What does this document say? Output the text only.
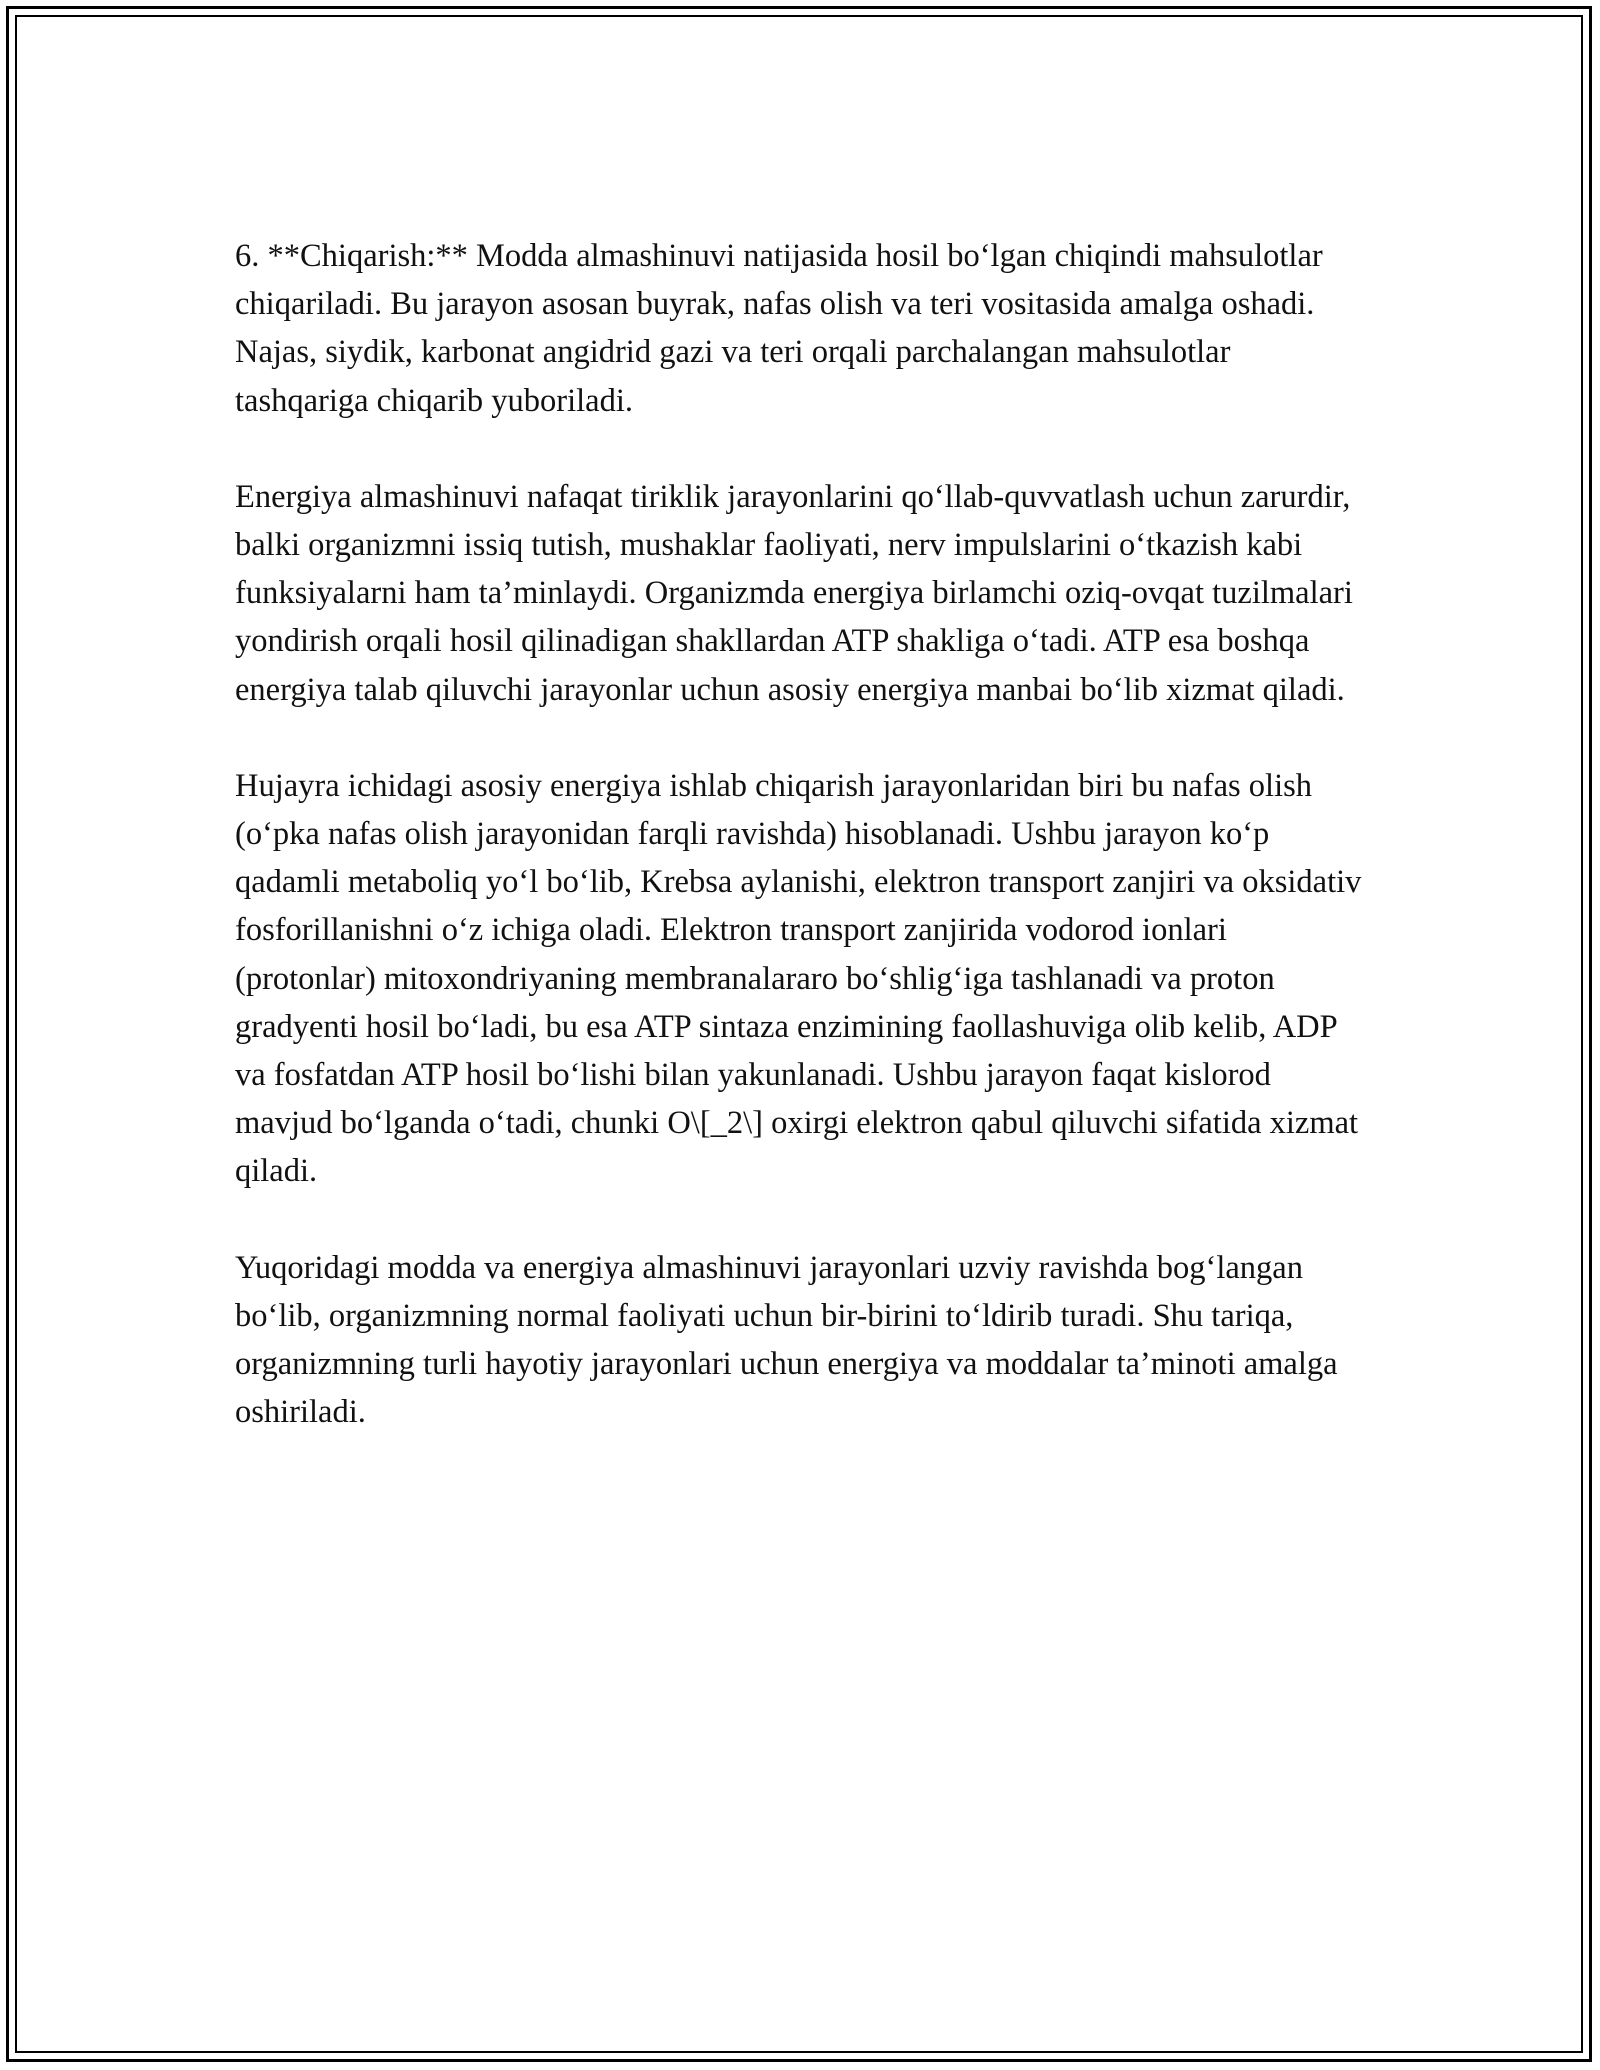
6. **Chiqarish:** Modda almashinuvi natijasida hosil bo‘lgan chiqindi mahsulotlar chiqariladi. Bu jarayon asosan buyrak, nafas olish va teri vositasida amalga oshadi. Najas, siydik, karbonat angidrid gazi va teri orqali parchalangan mahsulotlar tashqariga chiqarib yuboriladi.

Energiya almashinuvi nafaqat tiriklik jarayonlarini qo‘llab-quvvatlash uchun zarurdir, balki organizmni issiq tutish, mushaklar faoliyati, nerv impulslarini o‘tkazish kabi funksiyalarni ham ta’minlaydi. Organizmda energiya birlamchi oziq-ovqat tuzilmalari yondirish orqali hosil qilinadigan shakllardan ATP shakliga o‘tadi. ATP esa boshqa energiya talab qiluvchi jarayonlar uchun asosiy energiya manbai bo‘lib xizmat qiladi.

Hujayra ichidagi asosiy energiya ishlab chiqarish jarayonlaridan biri bu nafas olish (o‘pka nafas olish jarayonidan farqli ravishda) hisoblanadi. Ushbu jarayon ko‘p qadamli metaboliq yo‘l bo‘lib, Krebsa aylanishi, elektron transport zanjiri va oksidativ fosforillanishni o‘z ichiga oladi. Elektron transport zanjirida vodorod ionlari (protonlar) mitoxondriyaning membranalararo bo‘shlig‘iga tashlanadi va proton gradyenti hosil bo‘ladi, bu esa ATP sintaza enzimining faollashuviga olib kelib, ADP va fosfatdan ATP hosil bo‘lishi bilan yakunlanadi. Ushbu jarayon faqat kislorod mavjud bo‘lganda o‘tadi, chunki O\[_2\] oxirgi elektron qabul qiluvchi sifatida xizmat qiladi.

Yuqoridagi modda va energiya almashinuvi jarayonlari uzviy ravishda bog‘langan bo‘lib, organizmning normal faoliyati uchun bir-birini to‘ldirib turadi. Shu tariqa, organizmning turli hayotiy jarayonlari uchun energiya va moddalar ta’minoti amalga oshiriladi.
